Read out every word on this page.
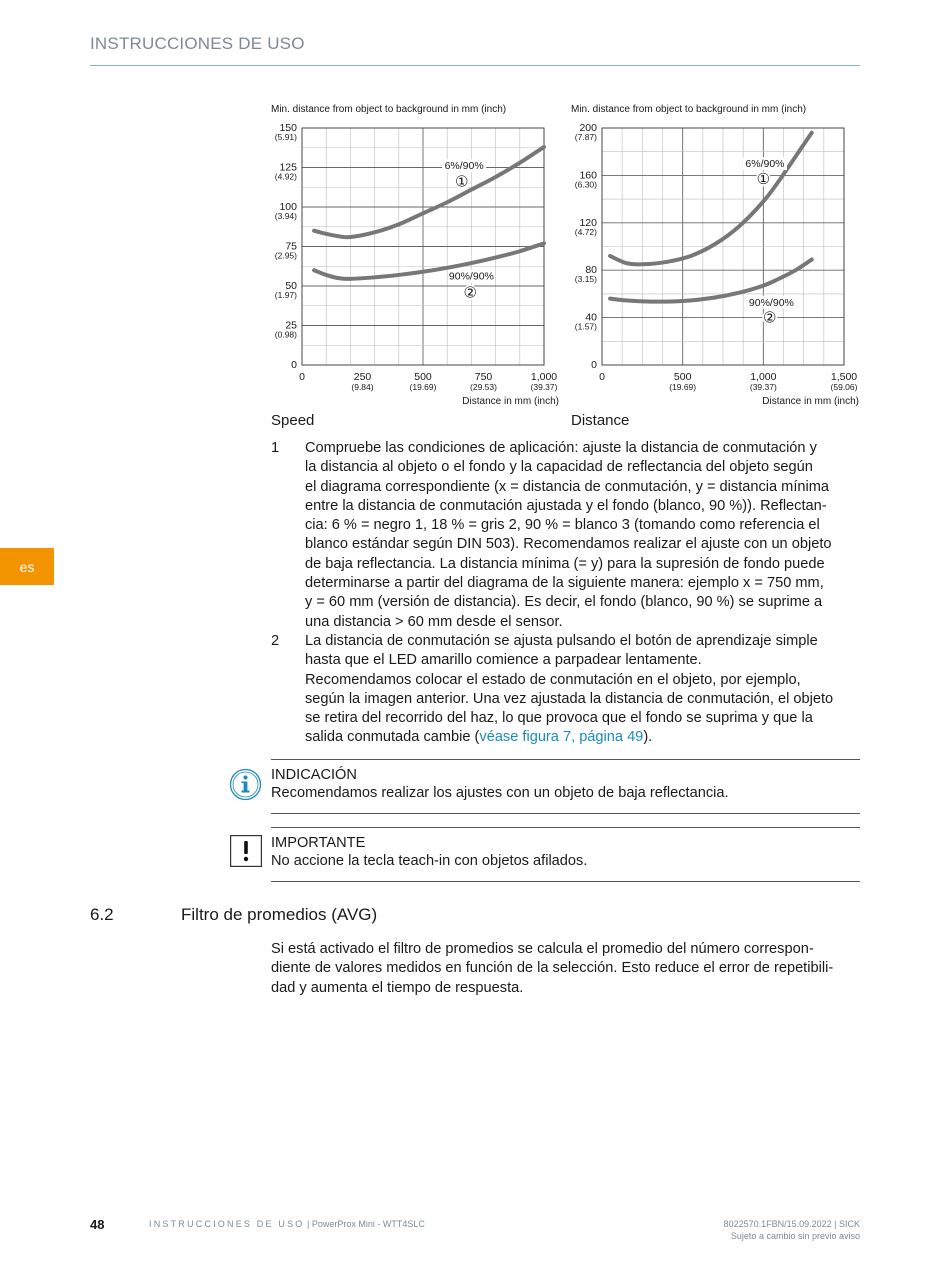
INSTRUCCIONES DE USO
es
Min. distance from object to background in mm (inch)
0
25
(0.98)
50
(1.97)
75
(2.95)
100
(3.94)
125
(4.92)
150
(5.91)
0	250
(9.84)
500
(19.69)
750
(29.53)
1,000
(39.37)
Distance in mm (inch)
6%/90%
①
90%/90%
②
Speed
Min. distance from object to background in mm (inch)
0
40
(1.57)
80
(3.15)
120
(4.72)
160
(6.30)
200
(7.87)
0	500
(19.69)
1,000
(39.37)
1,500
(59.06)
Distance in mm (inch)
6%/90%
①
90%/90%
②
Distance
1 Compruebe las condiciones de aplicación: ajuste la distancia de conmutación y
la distancia al objeto o el fondo y la capacidad de reflectancia del objeto según
el diagrama correspondiente (x = distancia de conmutación, y = distancia mínima
entre la distancia de conmutación ajustada y el fondo (blanco, 90 %)). Reflectan-
cia: 6 % = negro 1, 18 % = gris 2, 90 % = blanco 3 (tomando como referencia el
blanco estándar según DIN 503). Recomendamos realizar el ajuste con un objeto
de baja reflectancia. La distancia mínima (= y) para la supresión de fondo puede
determinarse a partir del diagrama de la siguiente manera: ejemplo x = 750 mm,
y = 60 mm (versión de distancia). Es decir, el fondo (blanco, 90 %) se suprime a
una distancia > 60 mm desde el sensor.
2 La distancia de conmutación se ajusta pulsando el botón de aprendizaje simple
hasta que el LED amarillo comience a parpadear lentamente.
Recomendamos colocar el estado de conmutación en el objeto, por ejemplo,
según la imagen anterior. Una vez ajustada la distancia de conmutación, el objeto
se retira del recorrido del haz, lo que provoca que el fondo se suprima y que la
salida conmutada cambie (véase figura 7, página 49).
INDICACIÓN
Recomendamos realizar los ajustes con un objeto de baja reflectancia.
IMPORTANTE
No accione la tecla teach-in con objetos afilados.
6.2	Filtro de promedios (AVG)
Si está activado el filtro de promedios se calcula el promedio del número correspon-
diente de valores medidos en función de la selección. Esto reduce el error de repetibili-
dad y aumenta el tiempo de respuesta.
48	INSTRUCCIONES DE USO | PowerProx Mini - WTT4SLC	8022570.1FBN/15.09.2022 | SICK
Sujeto a cambio sin previo aviso
